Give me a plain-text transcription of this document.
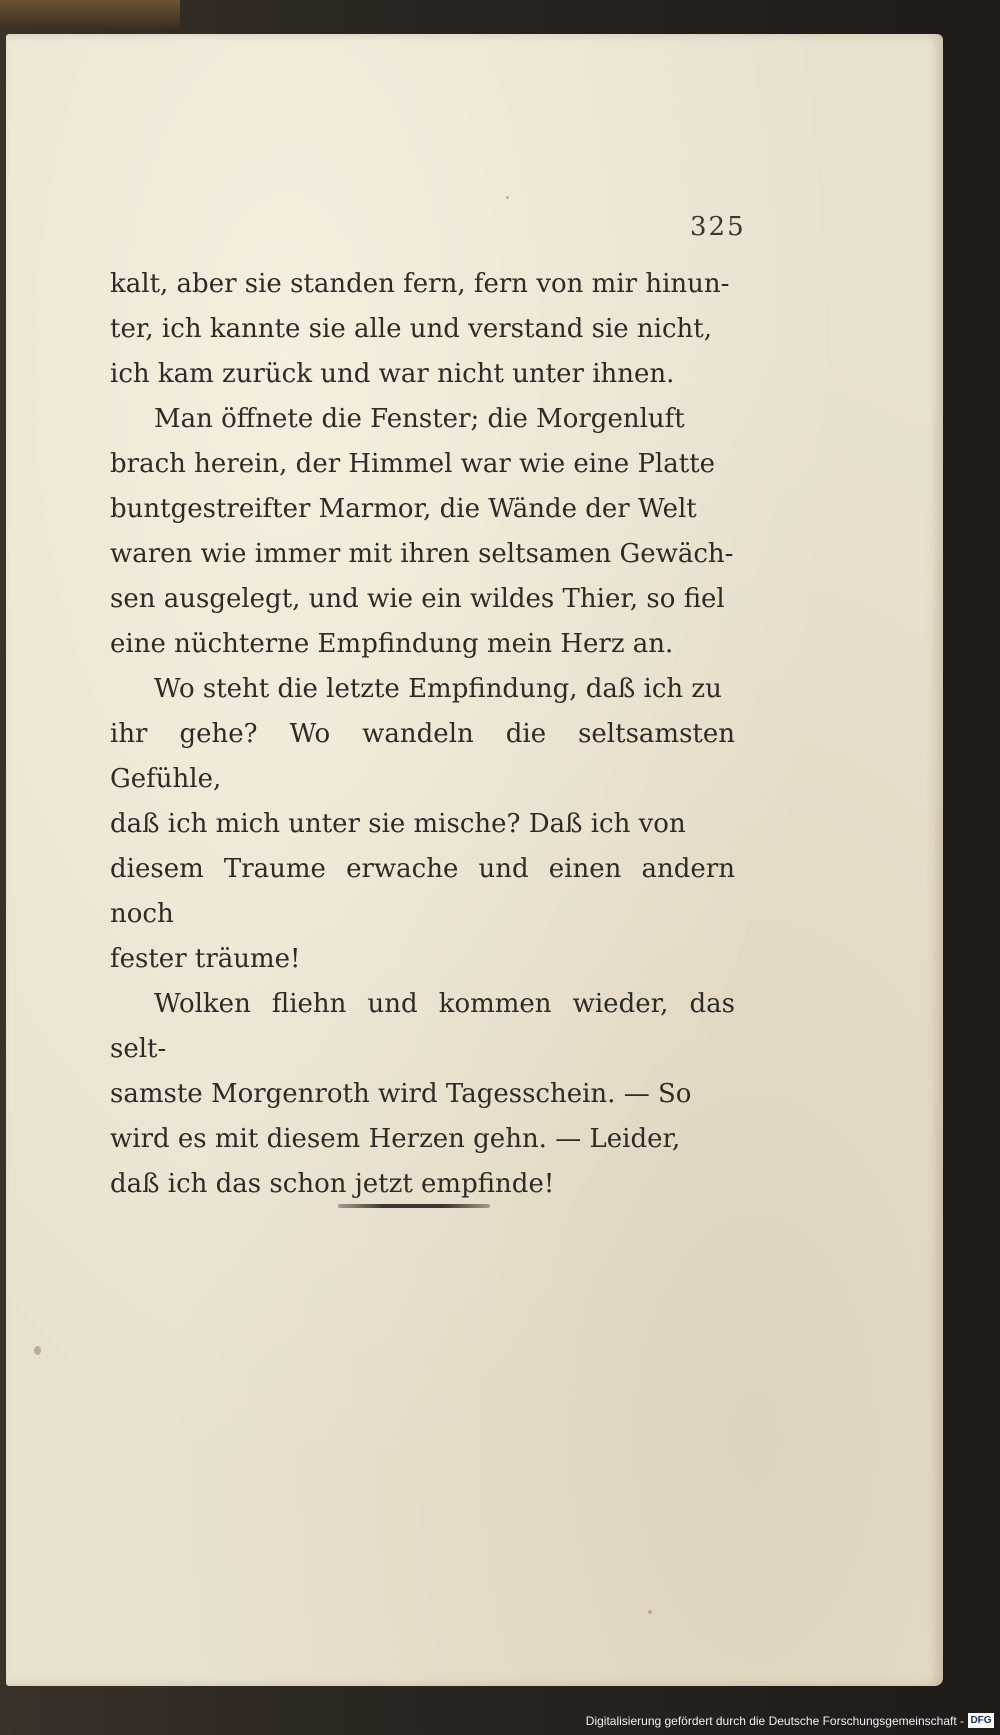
325

kalt, aber sie standen fern, fern von mir hinun-
ter, ich kannte sie alle und verstand sie nicht,
ich kam zurück und war nicht unter ihnen.

Man öffnete die Fenster; die Morgenluft
brach herein, der Himmel war wie eine Platte
buntgestreifter Marmor, die Wände der Welt
waren wie immer mit ihren seltsamen Gewäch-
sen ausgelegt, und wie ein wildes Thier, so fiel
eine nüchterne Empfindung mein Herz an.

Wo steht die letzte Empfindung, daß ich zu
ihr gehe? Wo wandeln die seltsamsten Gefühle,
daß ich mich unter sie mische? Daß ich von
diesem Traume erwache und einen andern noch
fester träume!

Wolken fliehn und kommen wieder, das selt-
samste Morgenroth wird Tagesschein. — So
wird es mit diesem Herzen gehn. — Leider,
daß ich das schon jetzt empfinde!

Digitalisierung gefördert durch die Deutsche Forschungsgemeinschaft - DFG
